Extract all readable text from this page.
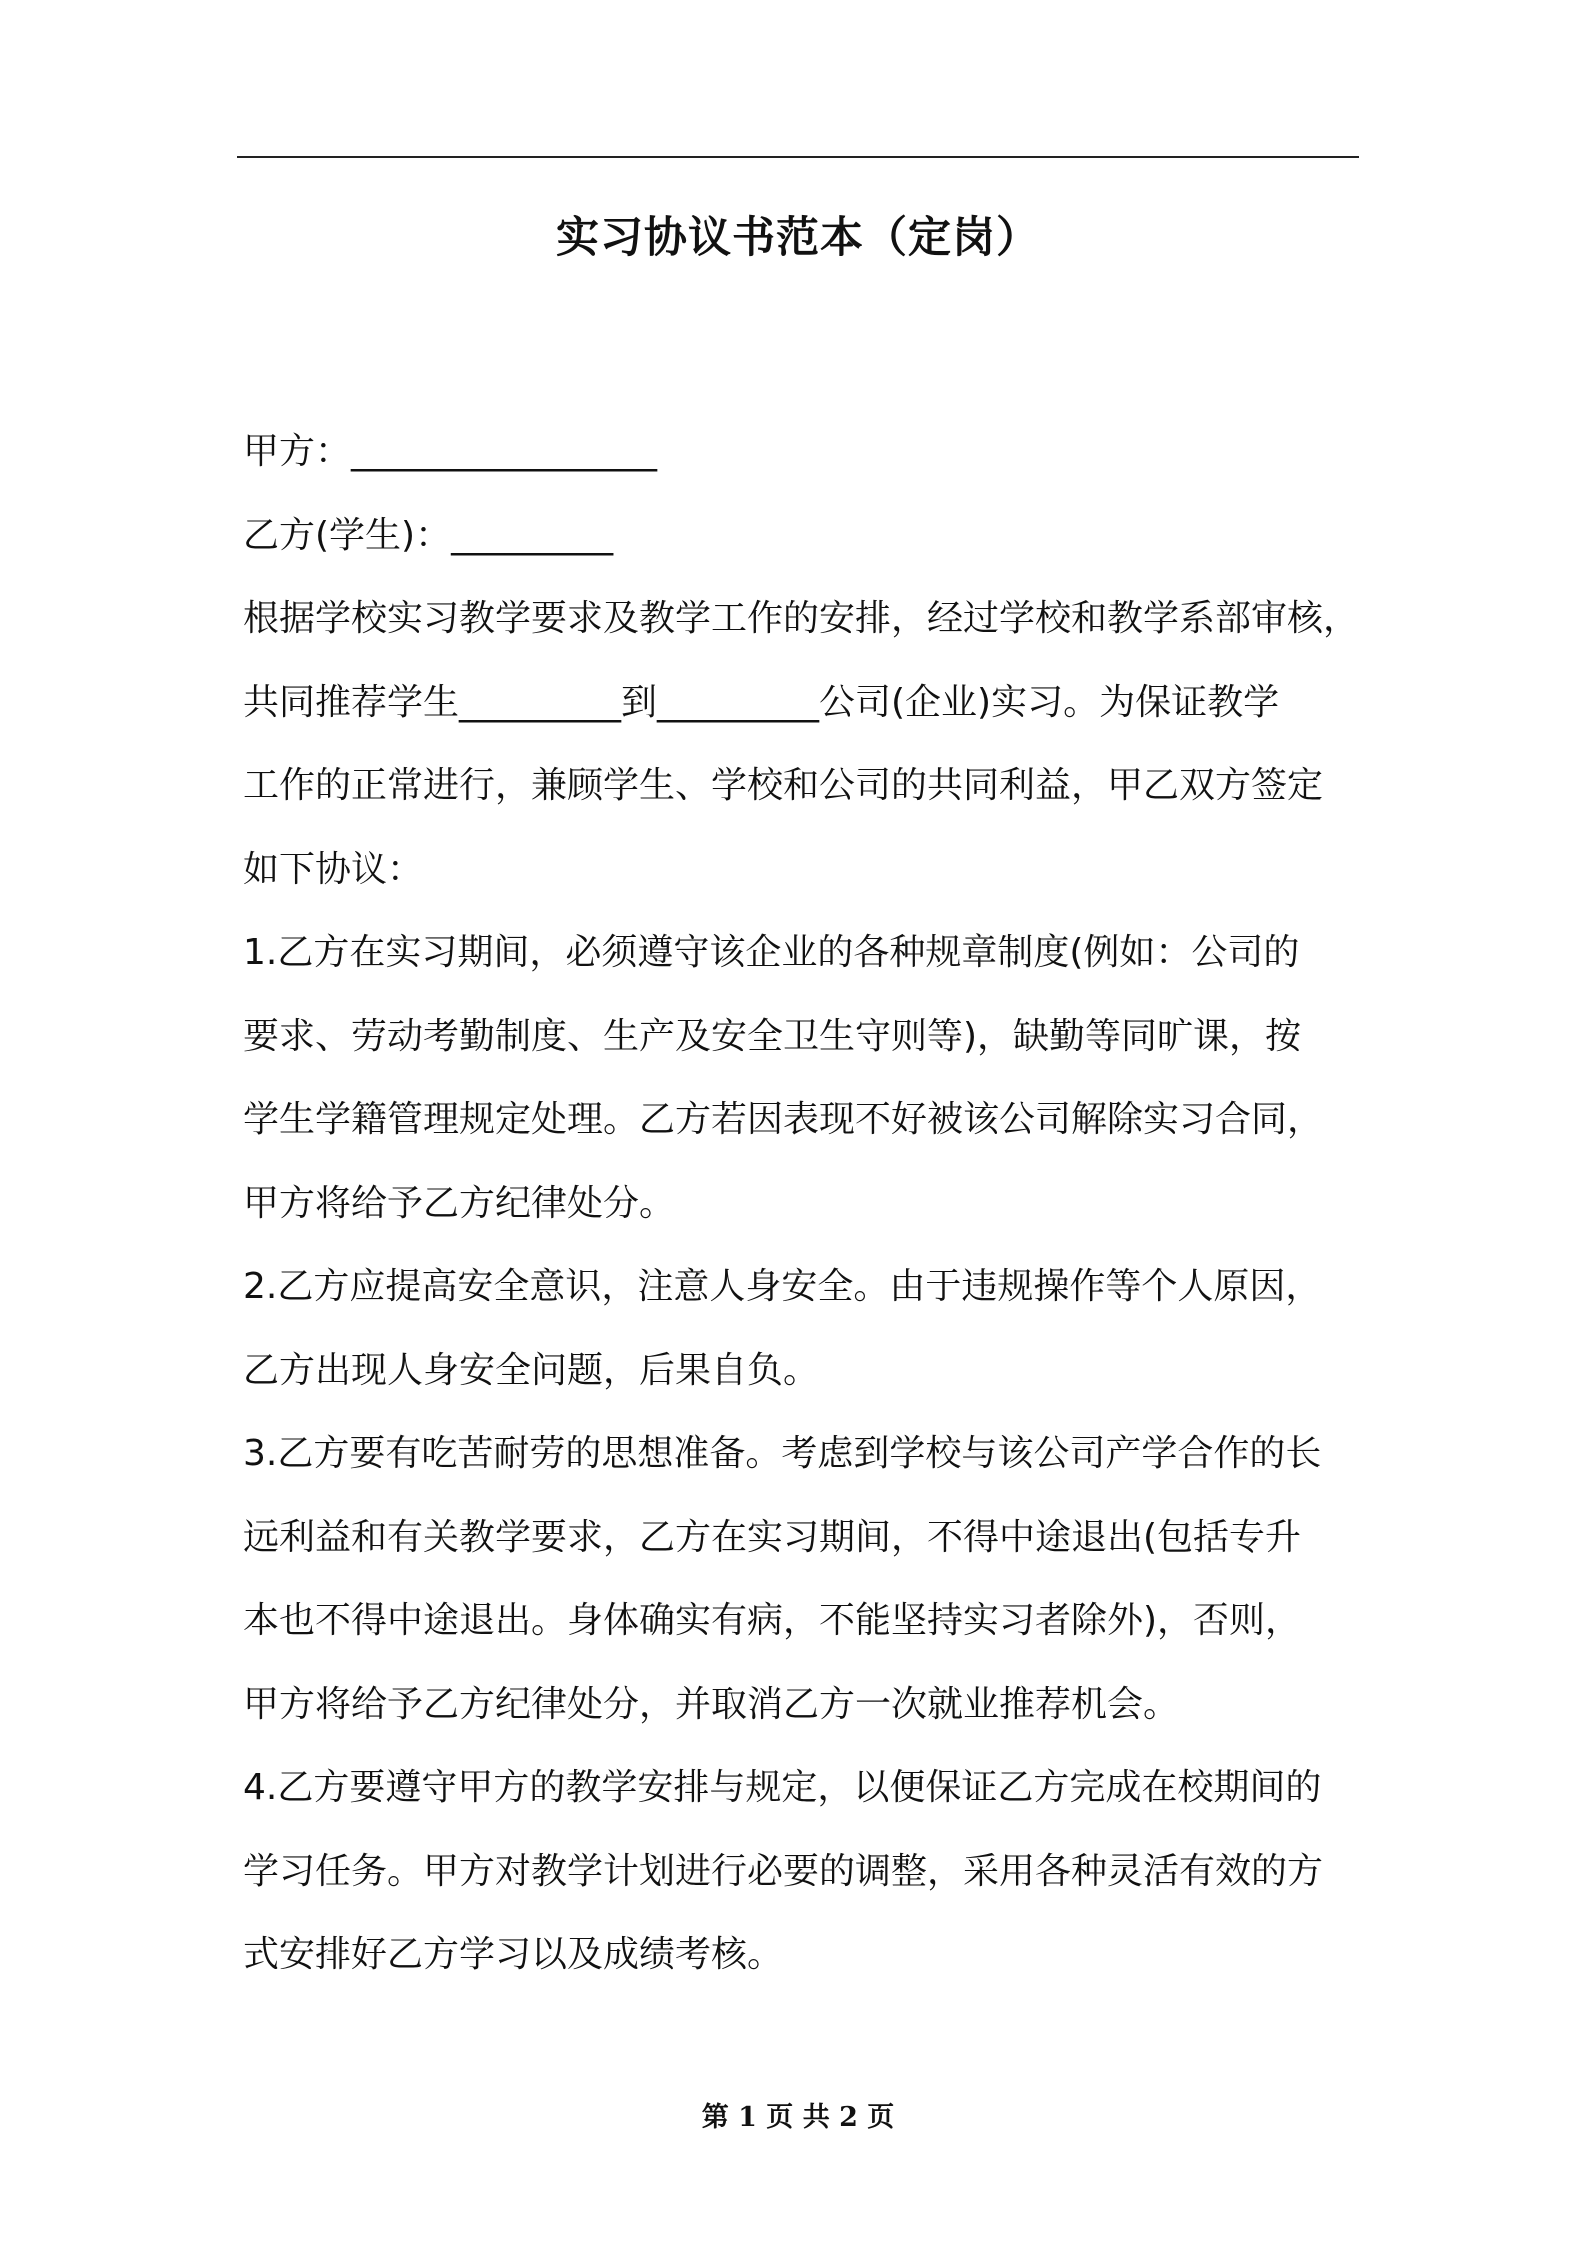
实习协议书范本（定岗）
甲方：_________________
乙方(学生)：_________
根据学校实习教学要求及教学工作的安排，经过学校和教学系部审核，
共同推荐学生_________到_________公司(企业)实习。为保证教学
工作的正常进行，兼顾学生、学校和公司的共同利益，甲乙双方签定
如下协议：
1.乙方在实习期间，必须遵守该企业的各种规章制度(例如：公司的
要求、劳动考勤制度、生产及安全卫生守则等)，缺勤等同旷课，按
学生学籍管理规定处理。乙方若因表现不好被该公司解除实习合同，
甲方将给予乙方纪律处分。
2.乙方应提高安全意识，注意人身安全。由于违规操作等个人原因，
乙方出现人身安全问题，后果自负。
3.乙方要有吃苦耐劳的思想准备。考虑到学校与该公司产学合作的长
远利益和有关教学要求，乙方在实习期间，不得中途退出(包括专升
本也不得中途退出。身体确实有病，不能坚持实习者除外)，否则，
甲方将给予乙方纪律处分，并取消乙方一次就业推荐机会。
4.乙方要遵守甲方的教学安排与规定，以便保证乙方完成在校期间的
学习任务。甲方对教学计划进行必要的调整，采用各种灵活有效的方
式安排好乙方学习以及成绩考核。
第 1 页 共 2 页
